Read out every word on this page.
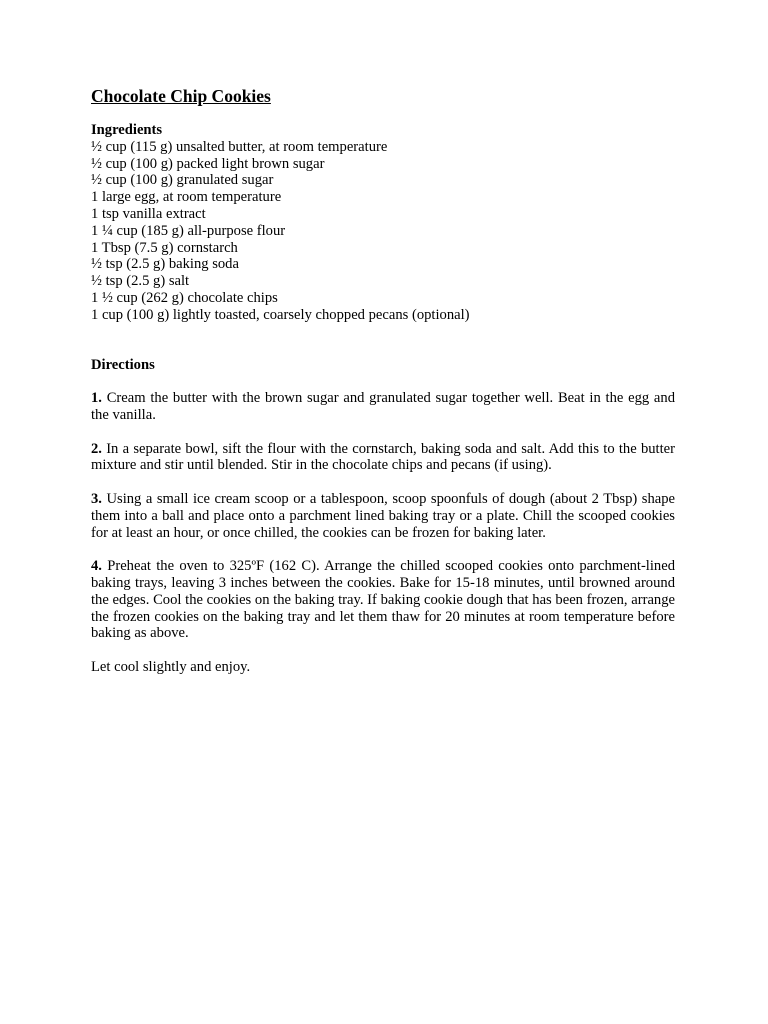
Chocolate Chip Cookies
Ingredients
½ cup (115 g) unsalted butter, at room temperature
½ cup (100 g) packed light brown sugar
½ cup (100 g) granulated sugar
1 large egg, at room temperature
1 tsp vanilla extract
1 ¼ cup (185 g) all-purpose flour
1 Tbsp (7.5 g) cornstarch
½ tsp (2.5 g) baking soda
½ tsp (2.5 g) salt
1 ½ cup (262 g) chocolate chips
1 cup (100 g) lightly toasted, coarsely chopped pecans (optional)
Directions

1. Cream the butter with the brown sugar and granulated sugar together well. Beat in the egg and the vanilla.

2. In a separate bowl, sift the flour with the cornstarch, baking soda and salt. Add this to the butter mixture and stir until blended. Stir in the chocolate chips and pecans (if using).

3. Using a small ice cream scoop or a tablespoon, scoop spoonfuls of dough (about 2 Tbsp) shape them into a ball and place onto a parchment lined baking tray or a plate. Chill the scooped cookies for at least an hour, or once chilled, the cookies can be frozen for baking later.

4. Preheat the oven to 325ºF (162 C). Arrange the chilled scooped cookies onto parchment-lined baking trays, leaving 3 inches between the cookies. Bake for 15-18 minutes, until browned around the edges. Cool the cookies on the baking tray. If baking cookie dough that has been frozen, arrange the frozen cookies on the baking tray and let them thaw for 20 minutes at room temperature before baking as above.

Let cool slightly and enjoy.
